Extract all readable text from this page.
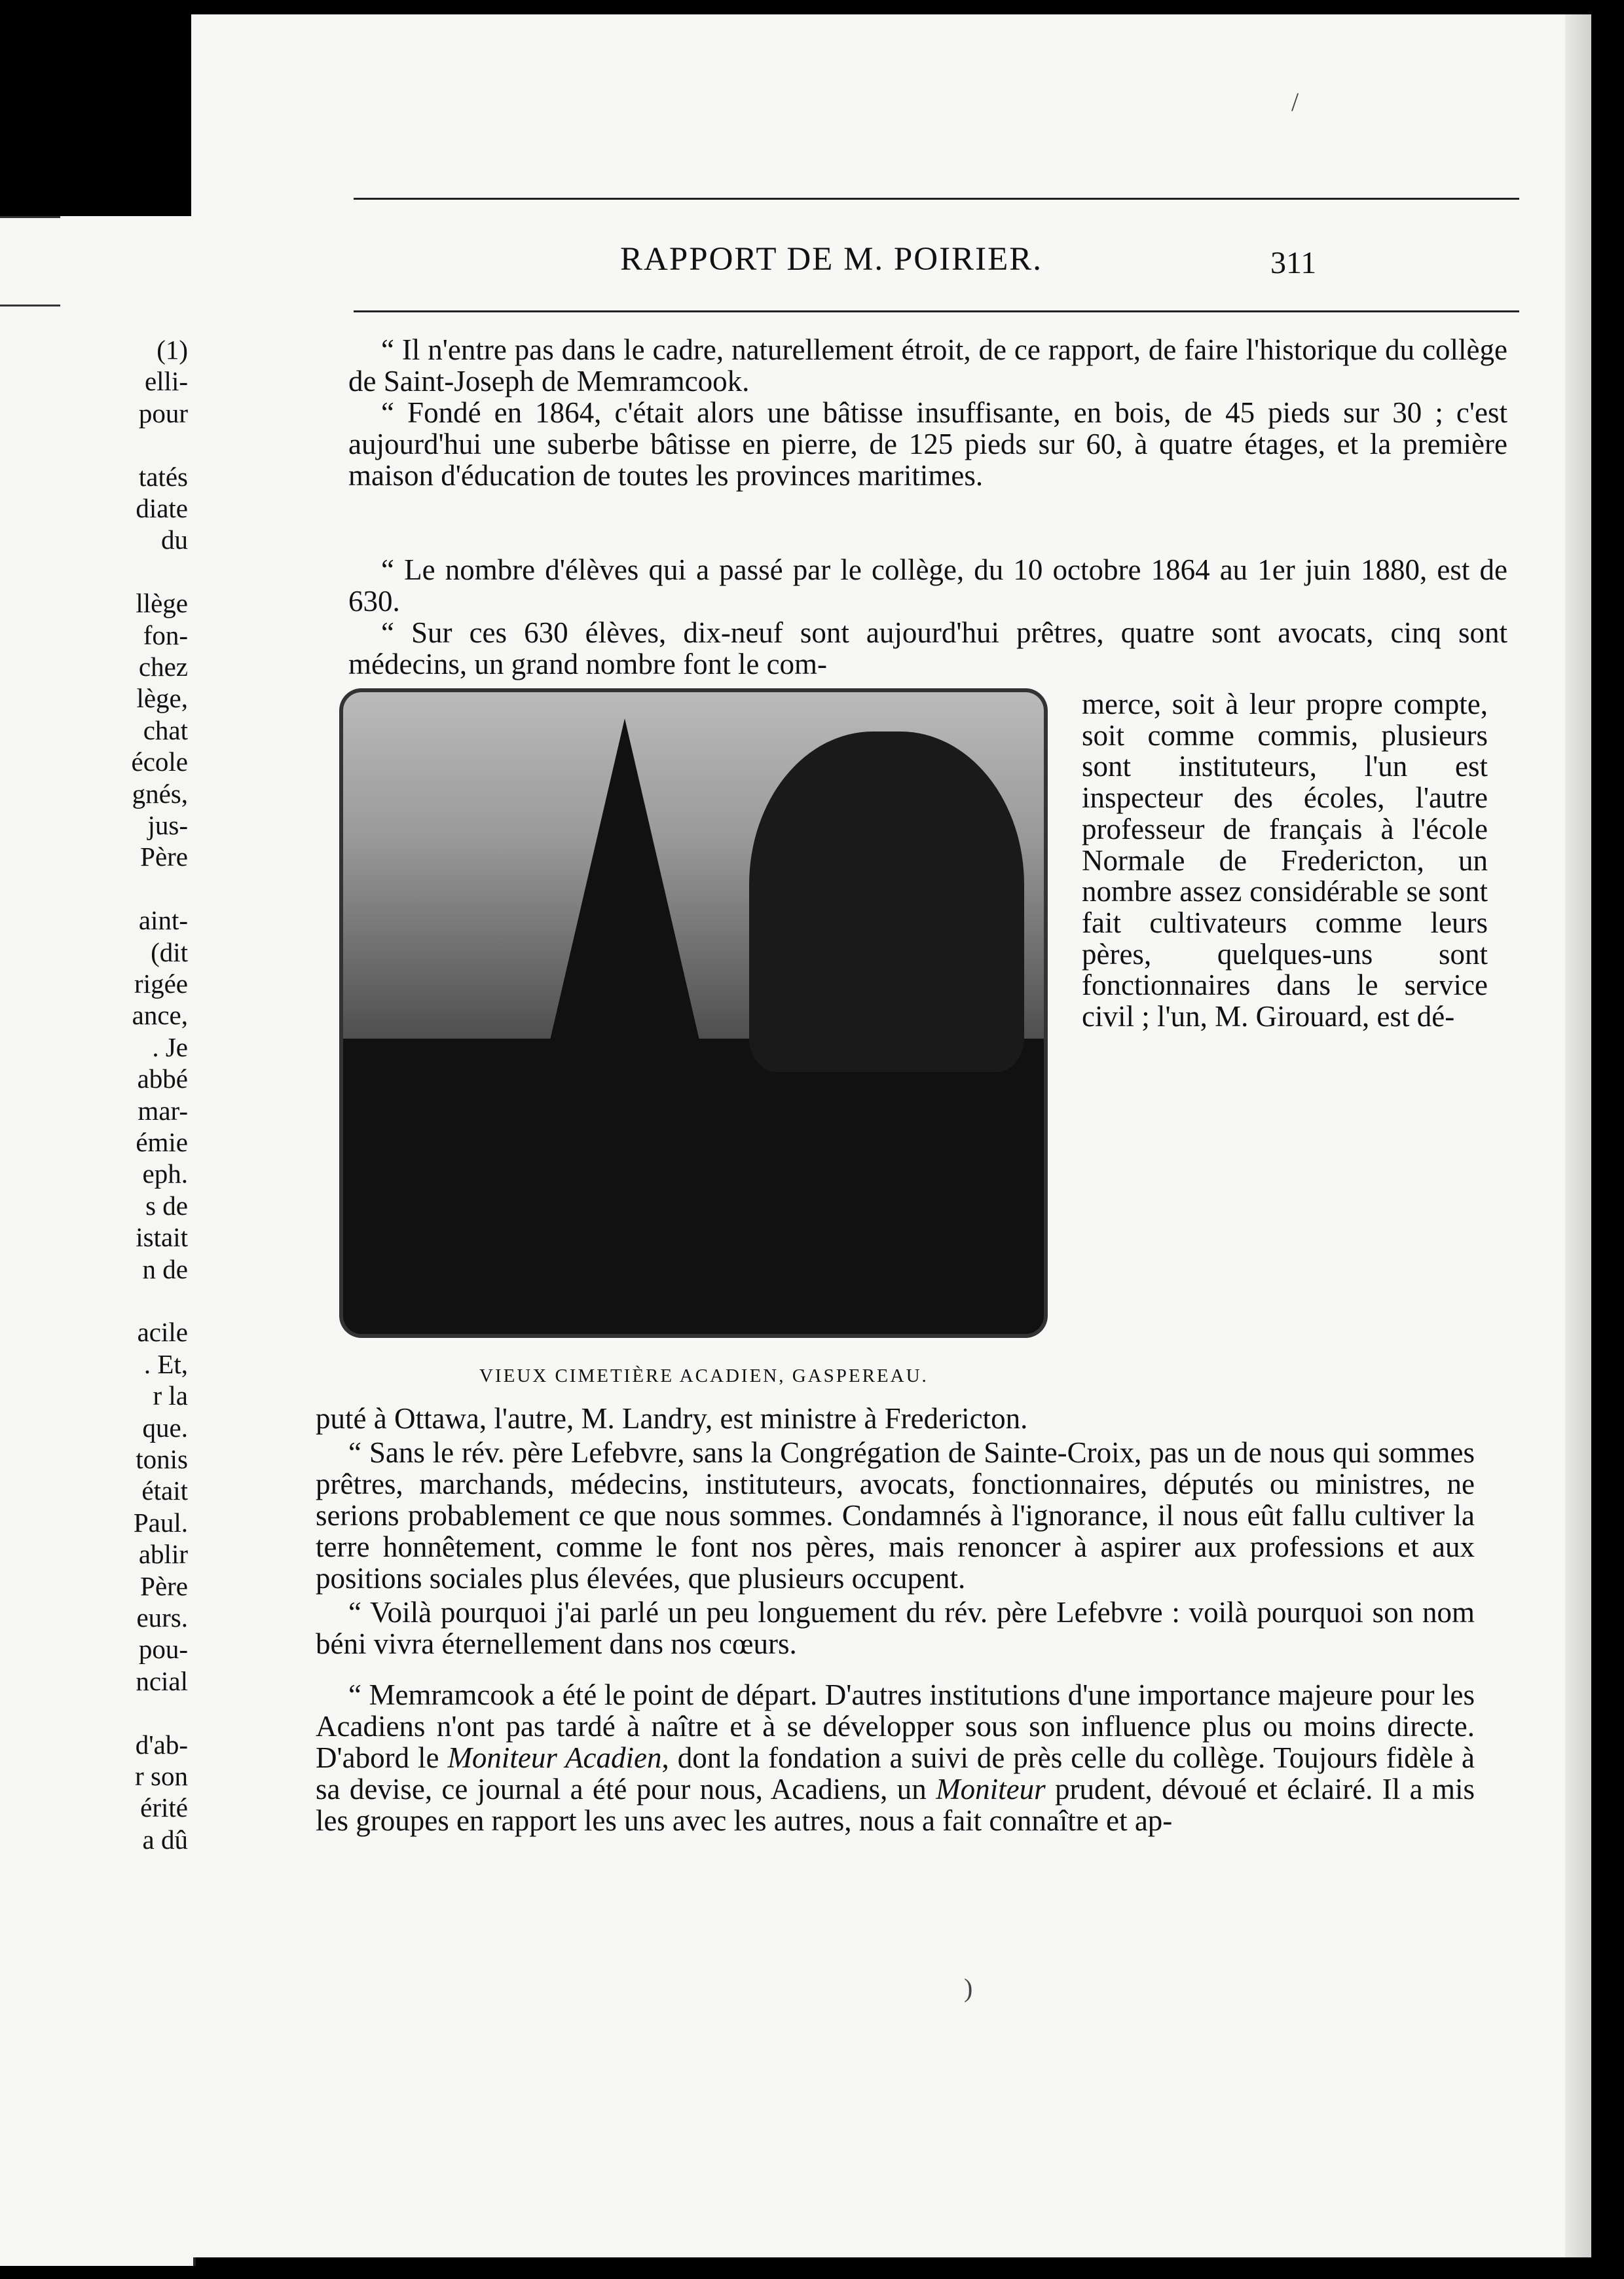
(1)
elli-
pour
tatés
diate
du
llège
fon-
chez
lège,
chat
école
gnés,
jus-
Père
aint-
(dit
rigée
ance,
. Je
abbé
mar-
émie
eph.
s de
istait
n de
acile
. Et,
r la
que.
tonis
était
Paul.
ablir
Père
eurs.
pou-
ncial
d'ab-
r son
érité
a dû
/
RAPPORT DE M. POIRIER.	311

“ Il n'entre pas dans le cadre, naturellement étroit, de ce rapport, de faire l'historique du collège de Saint-Joseph de Memramcook.

“ Fondé en 1864, c'était alors une bâtisse insuffisante, en bois, de 45 pieds sur 30 ; c'est aujourd'hui une suberbe bâtisse en pierre, de 125 pieds sur 60, à quatre étages, et la première maison d'éducation de toutes les provinces maritimes.

“ Le nombre d'élèves qui a passé par le collège, du 10 octobre 1864 au 1er juin 1880, est de 630.

“ Sur ces 630 élèves, dix-neuf sont aujourd'hui prêtres, quatre sont avocats, cinq sont médecins, un grand nombre font le com-

VIEUX CIMETIÈRE ACADIEN, GASPEREAU.

merce, soit à leur propre compte, soit comme commis, plusieurs sont instituteurs, l'un est inspecteur des écoles, l'autre professeur de français à l'école Normale de Fredericton, un nombre assez considérable se sont fait cultivateurs comme leurs pères, quelques-uns sont fonctionnaires dans le service civil ; l'un, M. Girouard, est dé-

puté à Ottawa, l'autre, M. Landry, est ministre à Fredericton.

“ Sans le rév. père Lefebvre, sans la Congrégation de Sainte-Croix, pas un de nous qui sommes prêtres, marchands, médecins, instituteurs, avocats, fonctionnaires, députés ou ministres, ne serions probablement ce que nous sommes. Condamnés à l'ignorance, il nous eût fallu cultiver la terre honnêtement, comme le font nos pères, mais renoncer à aspirer aux professions et aux positions sociales plus élevées, que plusieurs occupent.

“ Voilà pourquoi j'ai parlé un peu longuement du rév. père Lefebvre : voilà pourquoi son nom béni vivra éternellement dans nos cœurs.

“ Memramcook a été le point de départ. D'autres institutions d'une importance majeure pour les Acadiens n'ont pas tardé à naître et à se développer sous son influence plus ou moins directe. D'abord le Moniteur Acadien, dont la fondation a suivi de près celle du collège. Toujours fidèle à sa devise, ce journal a été pour nous, Acadiens, un Moniteur prudent, dévoué et éclairé. Il a mis les groupes en rapport les uns avec les autres, nous a fait connaître et ap-

)
